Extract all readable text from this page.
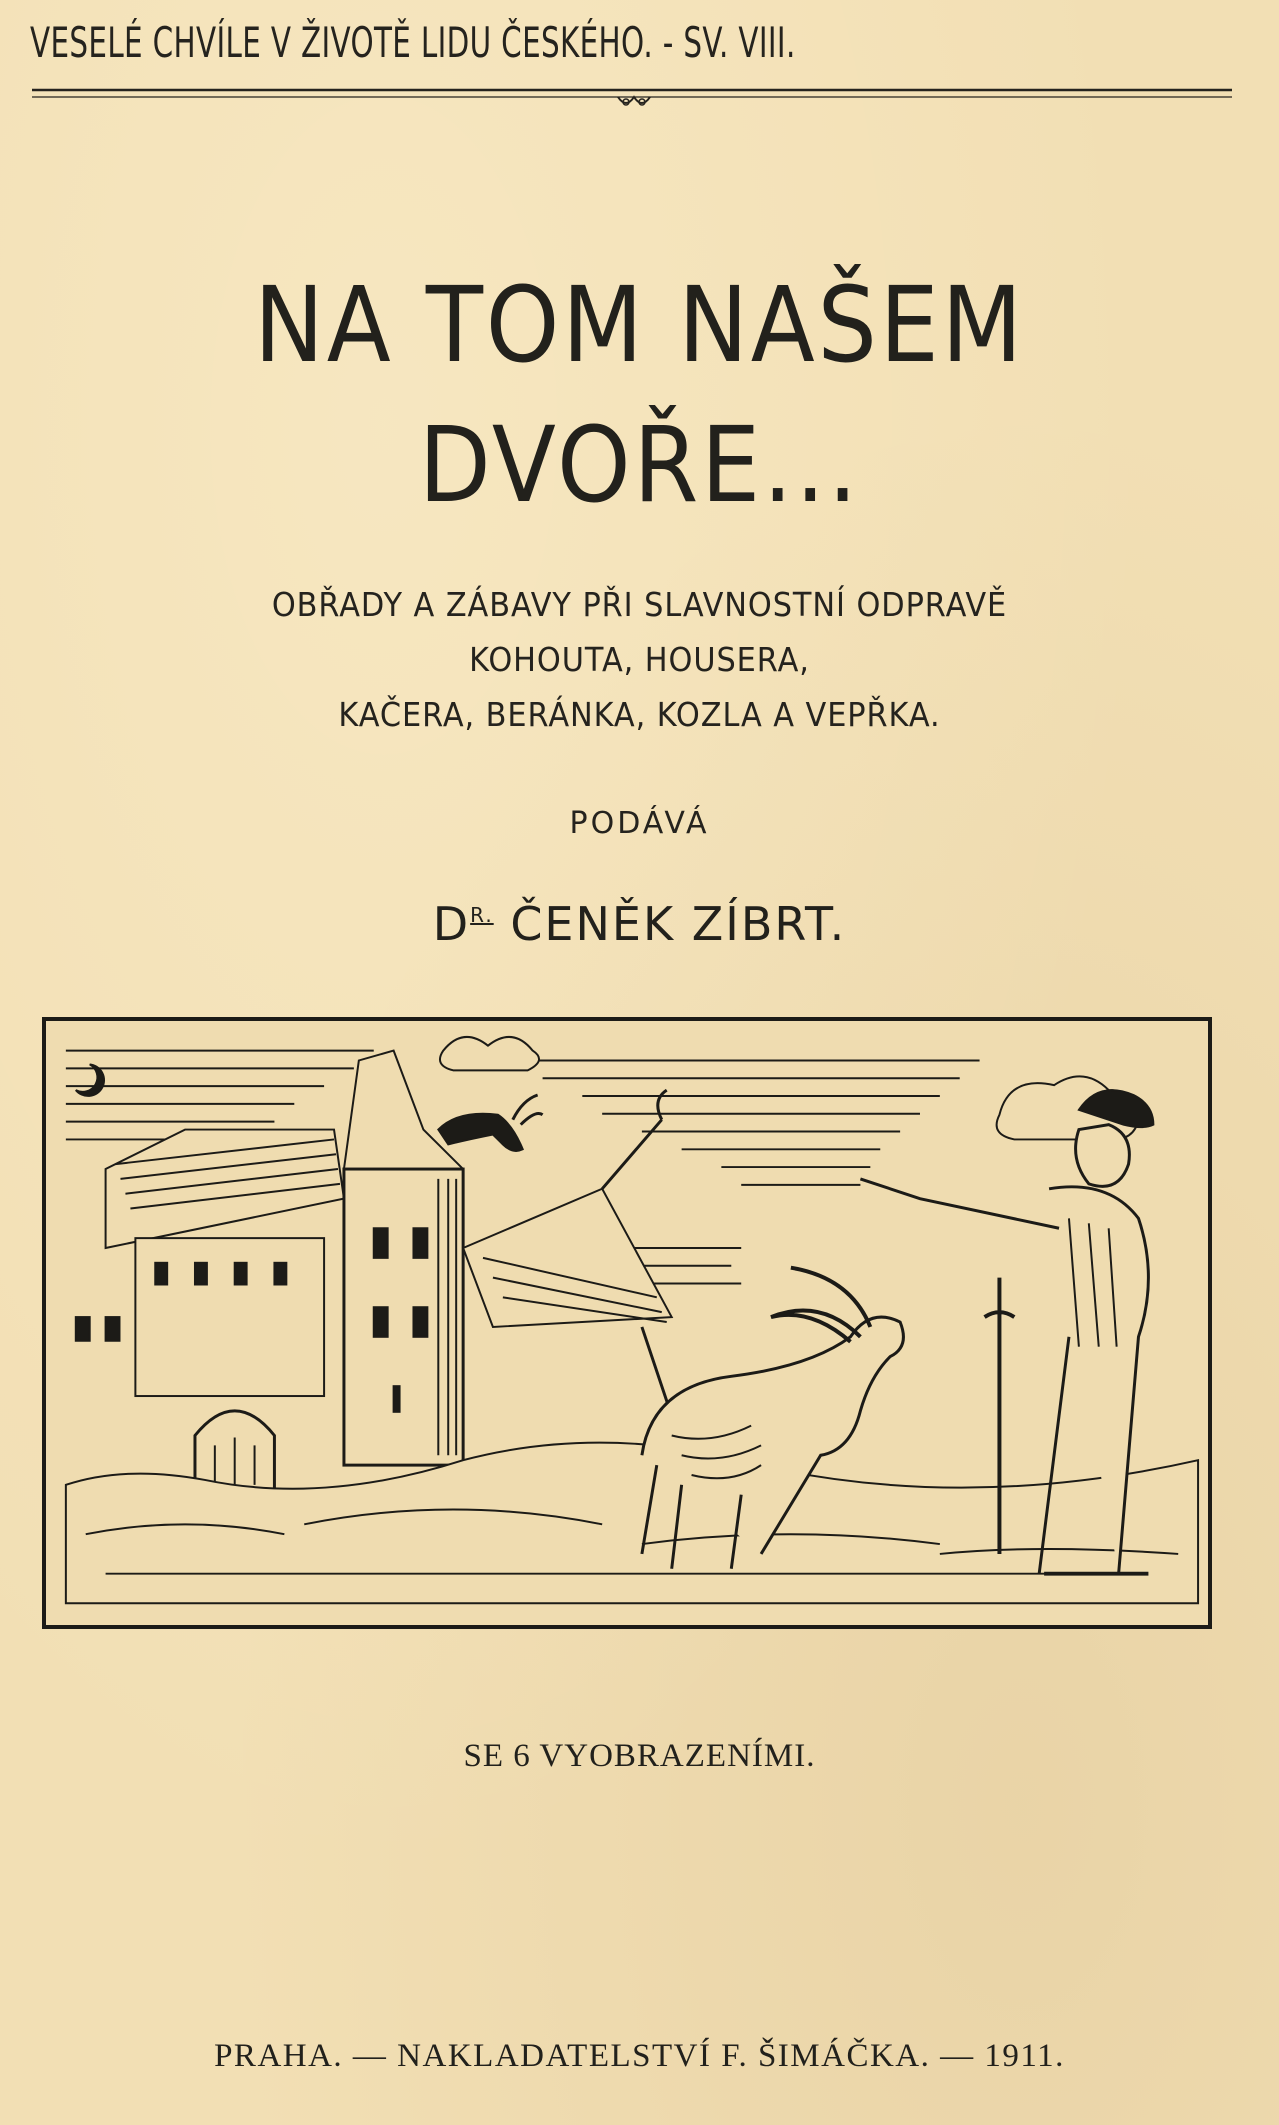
VESELÉ CHVÍLE V ŽIVOTĚ LIDU ČESKÉHO. - SV. VIII.
NA TOM NAŠEM
DVOŘE...
OBŘADY A ZÁBAVY PŘI SLAVNOSTNÍ ODPRAVĚ
KOHOUTA, HOUSERA,
KAČERA, BERÁNKA, KOZLA A VEPŘKA.
PODÁVÁ
$D^{R.}$ ČENĚK ZÍBRT.
SE 6 VYOBRAZENÍMI.
PRAHA. — NAKLADATELSTVÍ F. ŠIMÁČKA. — 1911.
